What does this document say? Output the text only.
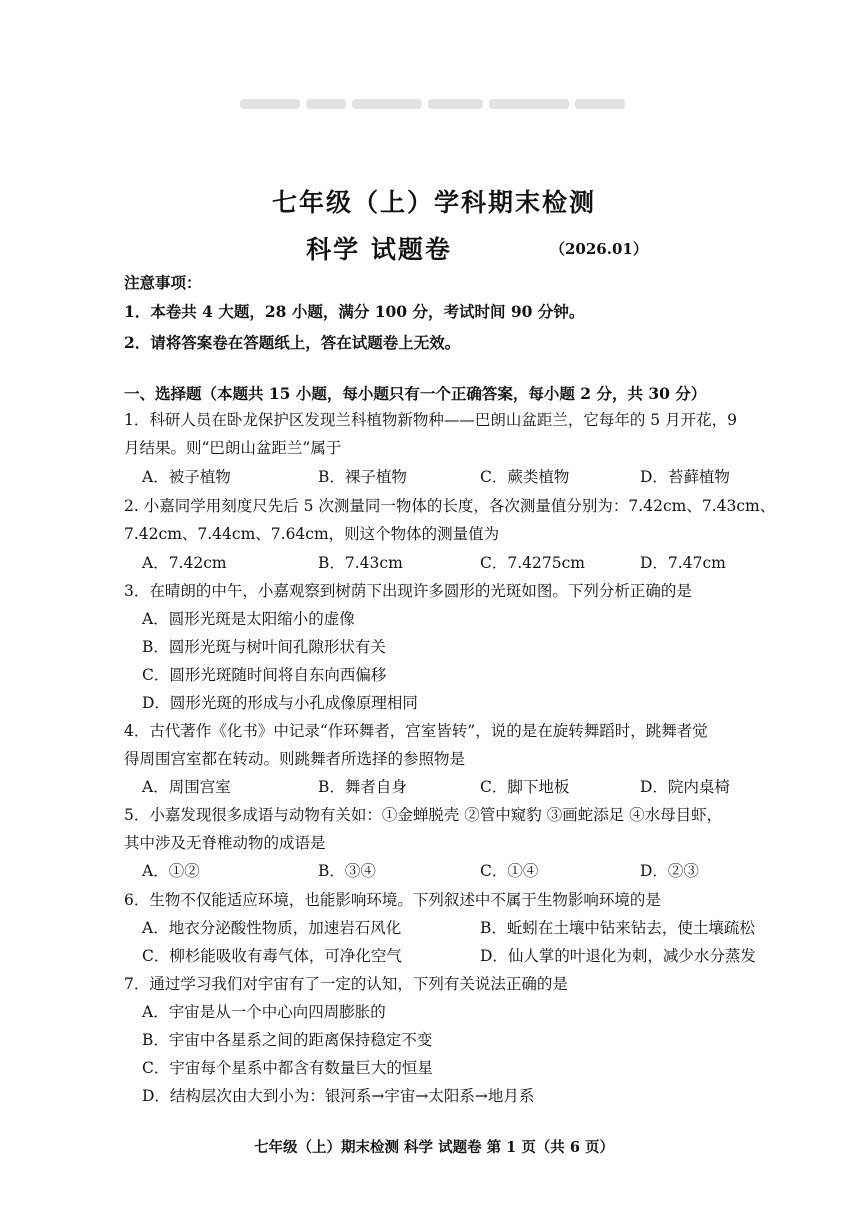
七年级（上）学科期末检测
科学 试题卷	（2026.01）
注意事项：
1．本卷共 4 大题，28 小题，满分 100 分，考试时间 90 分钟。
2．请将答案卷在答题纸上，答在试题卷上无效。
一、选择题（本题共 15 小题，每小题只有一个正确答案，每小题 2 分，共 30 分）
1．科研人员在卧龙保护区发现兰科植物新物种——巴朗山盆距兰，它每年的 5 月开花，9
月结果。则“巴朗山盆距兰”属于
A．被子植物	B．裸子植物	C．蕨类植物	D．苔藓植物
2. 小嘉同学用刻度尺先后 5 次测量同一物体的长度，各次测量值分别为：7.42cm、7.43cm、
7.42cm、7.44cm、7.64cm，则这个物体的测量值为
A．7.42cm	B．7.43cm	C．7.4275cm	D．7.47cm
3．在晴朗的中午，小嘉观察到树荫下出现许多圆形的光斑如图。下列分析正确的是
A．圆形光斑是太阳缩小的虚像
B．圆形光斑与树叶间孔隙形状有关
C．圆形光斑随时间将自东向西偏移
D．圆形光斑的形成与小孔成像原理相同
4．古代著作《化书》中记录“作环舞者，宫室皆转”，说的是在旋转舞蹈时，跳舞者觉
得周围宫室都在转动。则跳舞者所选择的参照物是
A．周围宫室	B．舞者自身	C．脚下地板	D．院内桌椅
5．小嘉发现很多成语与动物有关如：①金蝉脱壳 ②管中窥豹 ③画蛇添足 ④水母目虾，
其中涉及无脊椎动物的成语是
A．①②	B．③④	C．①④	D．②③
6．生物不仅能适应环境，也能影响环境。下列叙述中不属于生物影响环境的是
A．地衣分泌酸性物质，加速岩石风化	B．蚯蚓在土壤中钻来钻去，使土壤疏松
C．柳杉能吸收有毒气体，可净化空气	D．仙人掌的叶退化为刺，减少水分蒸发
7．通过学习我们对宇宙有了一定的认知，下列有关说法正确的是
A．宇宙是从一个中心向四周膨胀的
B．宇宙中各星系之间的距离保持稳定不变
C．宇宙每个星系中都含有数量巨大的恒星
D．结构层次由大到小为：银河系→宇宙→太阳系→地月系
七年级（上）期末检测 科学 试题卷 第 1 页（共 6 页）
